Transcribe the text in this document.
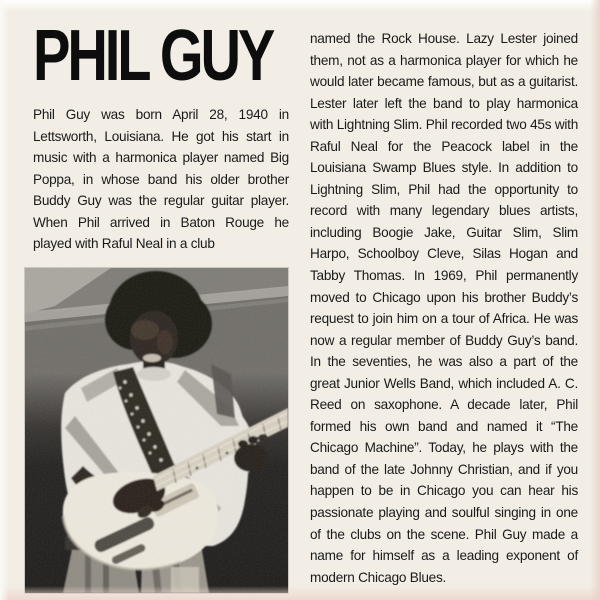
PHIL GUY

Phil Guy was born April 28, 1940 in Lettsworth, Louisiana. He got his start in music with a harmonica player named Big Poppa, in whose band his older brother Buddy Guy was the regular guitar player. When Phil arrived in Baton Rouge he played with Raful Neal in a club

named the Rock House. Lazy Lester joined them, not as a harmonica player for which he would later became famous, but as a guitarist. Lester later left the band to play harmonica with Lightning Slim. Phil recorded two 45s with Raful Neal for the Peacock label in the Louisiana Swamp Blues style. In addition to Lightning Slim, Phil had the opportunity to record with many legendary blues artists, including Boogie Jake, Guitar Slim, Slim Harpo, Schoolboy Cleve, Silas Hogan and Tabby Thomas. In 1969, Phil permanently moved to Chicago upon his brother Buddy’s request to join him on a tour of Africa. He was now a regular member of Buddy Guy’s band. In the seventies, he was also a part of the great Junior Wells Band, which included A. C. Reed on saxophone. A decade later, Phil formed his own band and named it “The Chicago Machine”. Today, he plays with the band of the late Johnny Christian, and if you happen to be in Chicago you can hear his passionate playing and soulful singing in one of the clubs on the scene. Phil Guy made a name for himself as a leading exponent of modern Chicago Blues.
